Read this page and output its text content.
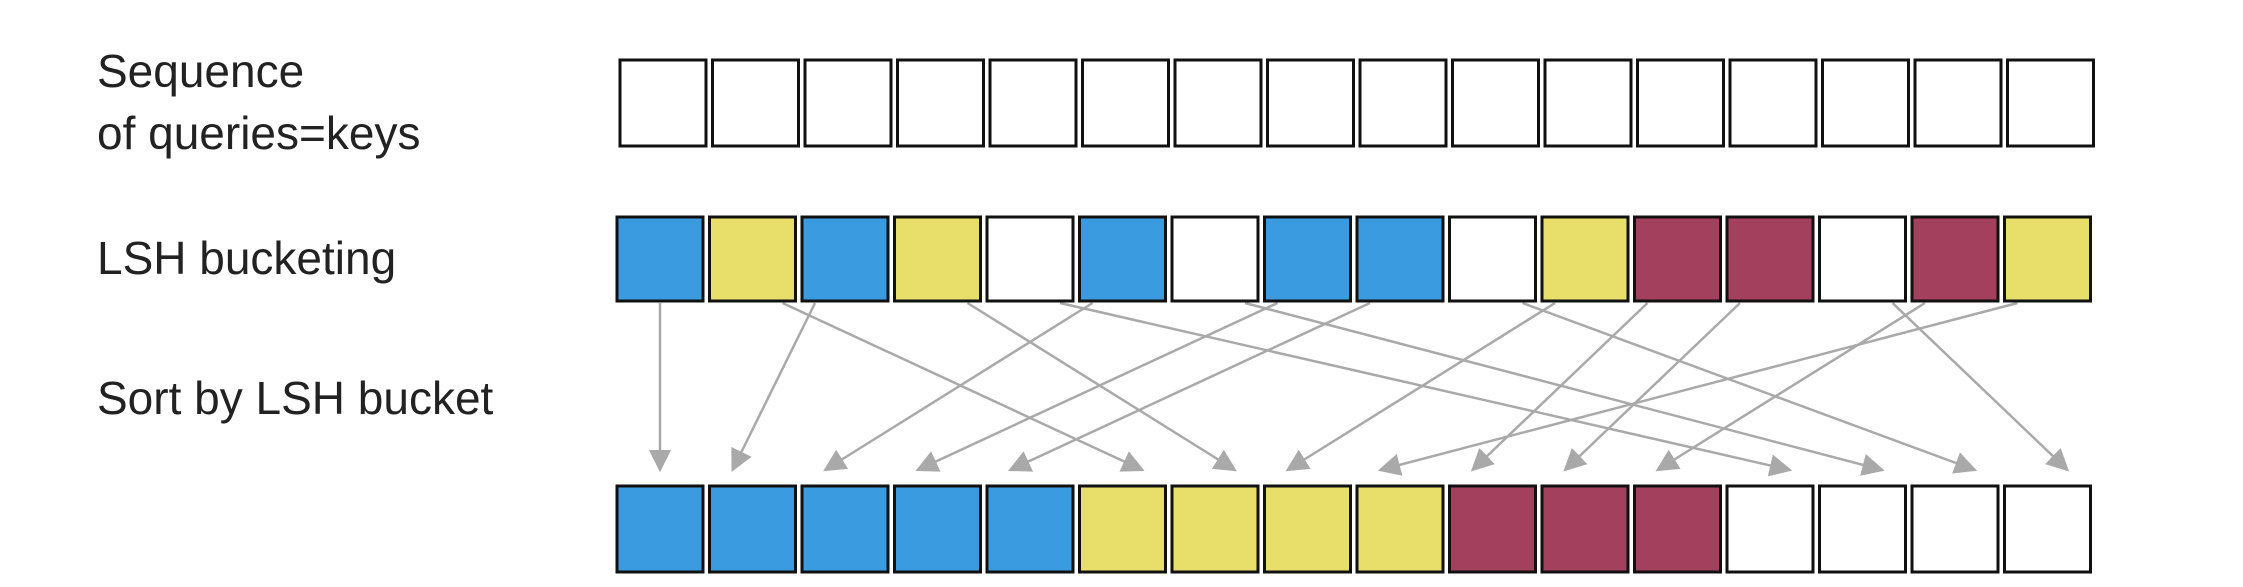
Sequence
of queries=keys
LSH bucketing
Sort by LSH bucket
